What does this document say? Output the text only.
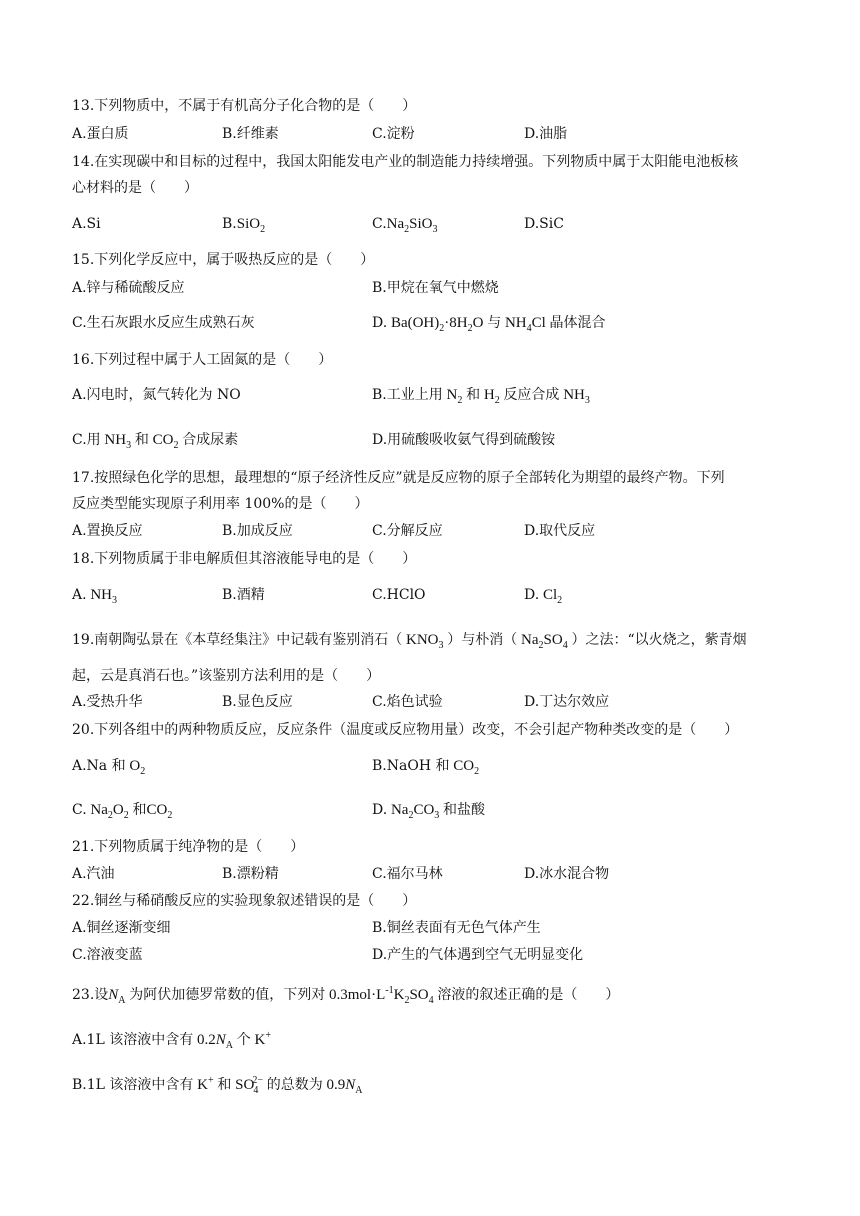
13.下列物质中，不属于有机高分子化合物的是（　　）
A.蛋白质	B.纤维素	C.淀粉	D.油脂
14.在实现碳中和目标的过程中，我国太阳能发电产业的制造能力持续增强。下列物质中属于太阳能电池板核
心材料的是（　　）
A.Si	B.SiO$_2$	$C.Na_2SiO_3$	D.SiC
15.下列化学反应中，属于吸热反应的是（　　）
A.锌与稀硫酸反应	B.甲烷在氧气中燃烧
C.生石灰跟水反应生成熟石灰	D. $Ba(OH)_2\cdot 8H_2O$ 与 $NH_4Cl$ 晶体混合
16.下列过程中属于人工固氮的是（　　）
A.闪电时，氮气转化为 NO	B.工业上用 $N_2$ 和 $H_2$ 反应合成 $NH_3$
C.用 $NH_3$ 和 $CO_2$ 合成尿素	D.用硫酸吸收氨气得到硫酸铵
17.按照绿色化学的思想，最理想的“原子经济性反应”就是反应物的原子全部转化为期望的最终产物。下列
反应类型能实现原子利用率 100%的是（　　）
A.置换反应	B.加成反应	C.分解反应	D.取代反应
18.下列物质属于非电解质但其溶液能导电的是（　　）
A. $NH_3$	B.酒精	C.HClO	D. $Cl_2$
19.南朝陶弘景在《本草经集注》中记载有鉴别消石（ $KNO_3$ ）与朴消（ $Na_2SO_4$ ）之法：“以火烧之，紫青烟
起，云是真消石也。”该鉴别方法利用的是（　　）
A.受热升华	B.显色反应	C.焰色试验	D.丁达尔效应
20.下列各组中的两种物质反应，反应条件（温度或反应物用量）改变，不会引起产物种类改变的是（　　）
A.Na 和 $O_2$	B.NaOH 和 $CO_2$
C. $Na_2O_2$ 和$CO_2$	D. $Na_2CO_3$ 和盐酸
21.下列物质属于纯净物的是（　　）
A.汽油	B.漂粉精	C.福尔马林	D.冰水混合物
22.铜丝与稀硝酸反应的实验现象叙述错误的是（　　）
A.铜丝逐渐变细	B.铜丝表面有无色气体产生
C.溶液变蓝	D.产生的气体遇到空气无明显变化
23.设$N_A$ 为阿伏加德罗常数的值，下列对 $0.3mol\cdot L^{-1}K_2SO_4$ 溶液的叙述正确的是（　　）
A.1L 该溶液中含有 $0.2N_A$ 个 K+
B.1L 该溶液中含有 K+ 和 $SO_4^{2-}$ 的总数为 $0.9N_A$
